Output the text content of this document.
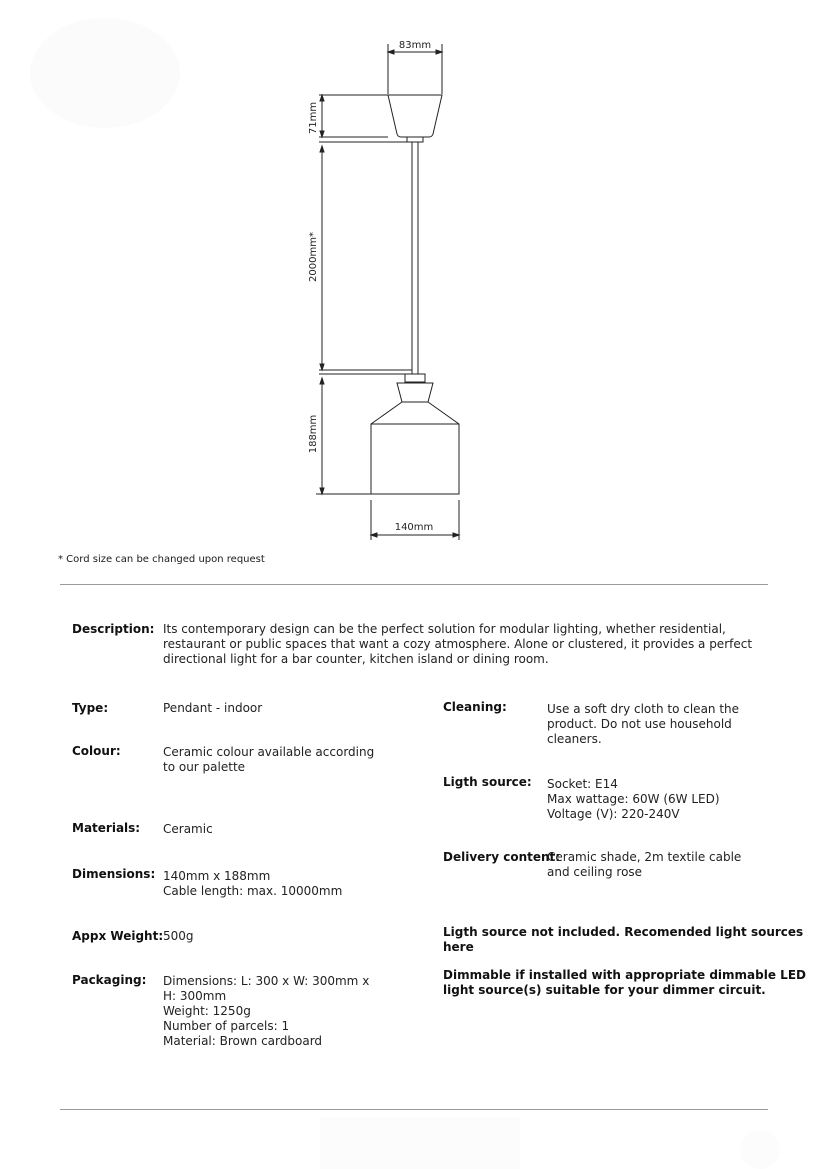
83mm
71mm
2000mm*
188mm
140mm
* Cord size can be changed upon request
Description: Its contemporary design can be the perfect solution for modular lighting, whether residential, restaurant or public spaces that want a cozy atmosphere. Alone or clustered, it provides a perfect directional light for a bar counter, kitchen island or dining room.
Type:	Pendant - indoor
Colour:	Ceramic colour available according
to our palette
Materials: Ceramic
Dimensions: 140mm x 188mm
Cable length: max. 10000mm
Appx Weight: 500g
Packaging: Dimensions: L: 300 x W: 300mm x
H: 300mm
Weight: 1250g
Number of parcels: 1
Material: Brown cardboard
Cleaning:	Use a soft dry cloth to clean the
product. Do not use household
cleaners.
Ligth source: Socket: E14
Max wattage: 60W (6W LED)
Voltage (V): 220-240V
Delivery content:
Ceramic shade, 2m textile cable
and ceiling rose
Ligth source not included. Recomended light sources here
Dimmable if installed with appropriate dimmable LED
light source(s) suitable for your dimmer circuit.
